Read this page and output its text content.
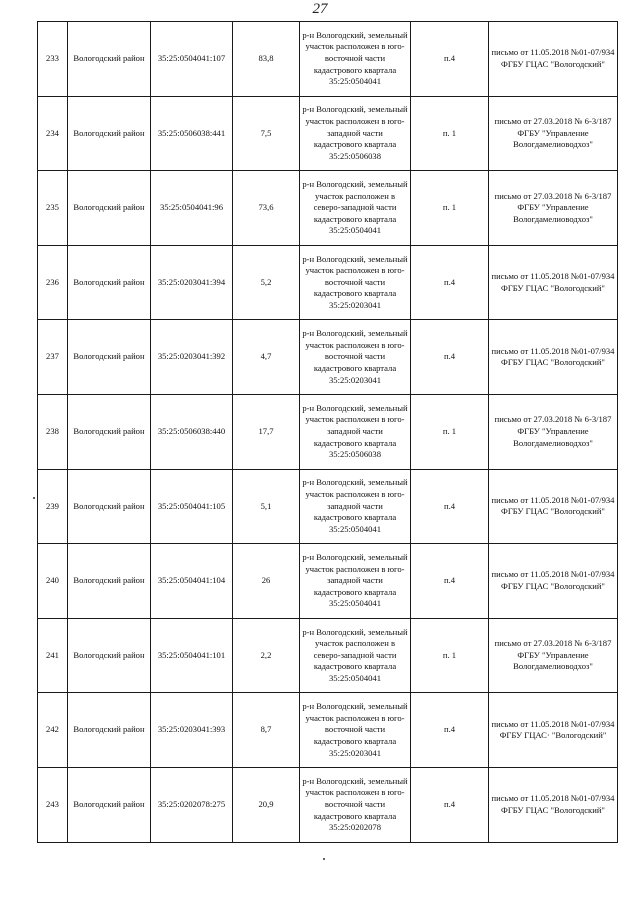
27
233	Вологодский район	35:25:0504041:107	83,8	р-н Вологодский, земельный участок расположен в юго-восточной части кадастрового квартала 35:25:0504041	п.4	письмо от 11.05.2018 №01-07/934 ФГБУ ГЦАС "Вологодский"
234	Вологодский район	35:25:0506038:441	7,5	р-н Вологодский, земельный участок расположен в юго-западной части кадастрового квартала 35:25:0506038	п. 1	письмо от 27.03.2018 № 6-3/187 ФГБУ "Управление Вологдамелиоводхоз"
235	Вологодский район	35:25:0504041:96	73,6	р-н Вологодский, земельный участок расположен в северо-западной части кадастрового квартала 35:25:0504041	п. 1	письмо от 27.03.2018 № 6-3/187 ФГБУ "Управление Вологдамелиоводхоз"
236	Вологодский район	35:25:0203041:394	5,2	р-н Вологодский, земельный участок расположен в юго-восточной части кадастрового квартала 35:25:0203041	п.4	письмо от 11.05.2018 №01-07/934 ФГБУ ГЦАС "Вологодский"
237	Вологодский район	35:25:0203041:392	4,7	р-н Вологодский, земельный участок расположен в юго-восточной части кадастрового квартала 35:25:0203041	п.4	письмо от 11.05.2018 №01-07/934 ФГБУ ГЦАС "Вологодский"
238	Вологодский район	35:25:0506038:440	17,7	р-н Вологодский, земельный участок расположен в юго-западной части кадастрового квартала 35:25:0506038	п. 1	письмо от 27.03.2018 № 6-3/187 ФГБУ "Управление Вологдамелиоводхоз"
239	Вологодский район	35:25:0504041:105	5,1	р-н Вологодский, земельный участок расположен в юго-западной части кадастрового квартала 35:25:0504041	п.4	письмо от 11.05.2018 №01-07/934 ФГБУ ГЦАС "Вологодский"
240	Вологодский район	35:25:0504041:104	26	р-н Вологодский, земельный участок расположен в юго-западной части кадастрового квартала 35:25:0504041	п.4	письмо от 11.05.2018 №01-07/934 ФГБУ ГЦАС "Вологодский"
241	Вологодский район	35:25:0504041:101	2,2	р-н Вологодский, земельный участок расположен в северо-западной части кадастрового квартала 35:25:0504041	п. 1	письмо от 27.03.2018 № 6-3/187 ФГБУ "Управление Вологдамелиоводхоз"
242	Вологодский район	35:25:0203041:393	8,7	р-н Вологодский, земельный участок расположен в юго-восточной части кадастрового квартала 35:25:0203041	п.4	письмо от 11.05.2018 №01-07/934 ФГБУ ГЦАС· "Вологодский"
243	Вологодский район	35:25:0202078:275	20,9	р-н Вологодский, земельный участок расположен в юго-восточной части кадастрового квартала 35:25:0202078	п.4	письмо от 11.05.2018 №01-07/934 ФГБУ ГЦАС "Вологодский"
